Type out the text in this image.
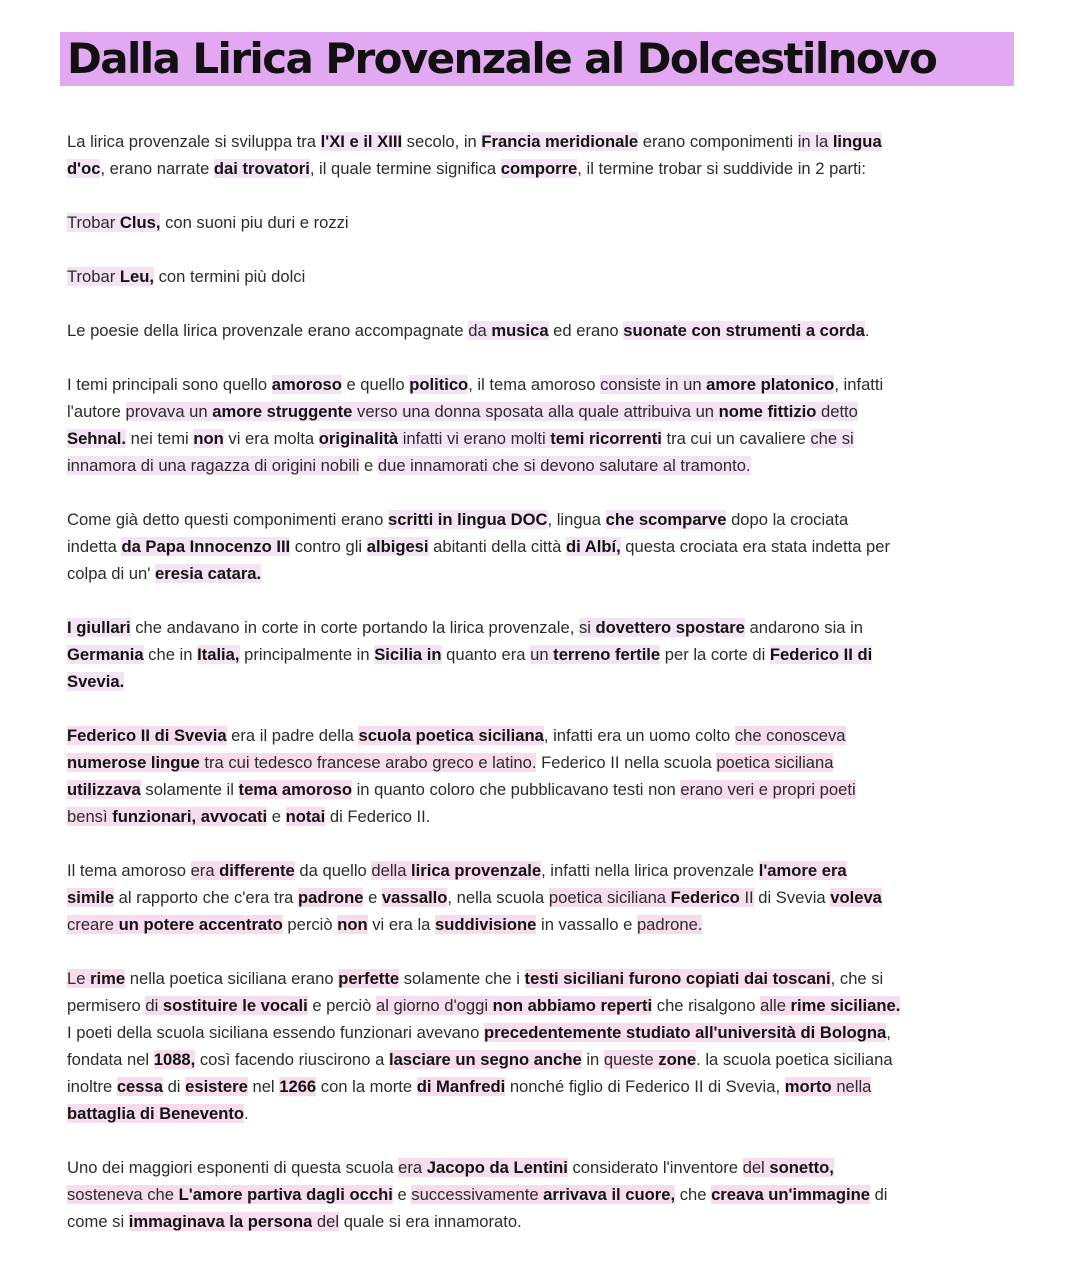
Dalla Lirica Provenzale al Dolcestilnovo

La lirica provenzale si sviluppa tra l'XI e il XIII secolo, in Francia meridionale erano componimenti in la lingua
d'oc, erano narrate dai trovatori, il quale termine significa comporre, il termine trobar si suddivide in 2 parti:

Trobar Clus, con suoni piu duri e rozzi

Trobar Leu, con termini più dolci

Le poesie della lirica provenzale erano accompagnate da musica ed erano suonate con strumenti a corda.

I temi principali sono quello amoroso e quello politico, il tema amoroso consiste in un amore platonico, infatti
l'autore provava un amore struggente verso una donna sposata alla quale attribuiva un nome fittizio detto
Sehnal. nei temi non vi era molta originalità infatti vi erano molti temi ricorrenti tra cui un cavaliere che si
innamora di una ragazza di origini nobili e due innamorati che si devono salutare al tramonto.

Come già detto questi componimenti erano scritti in lingua DOC, lingua che scomparve dopo la crociata
indetta da Papa Innocenzo III contro gli albigesi abitanti della città di Albí, questa crociata era stata indetta per
colpa di un' eresia catara.

I giullari che andavano in corte in corte portando la lirica provenzale, si dovettero spostare andarono sia in
Germania che in Italia, principalmente in Sicilia in quanto era un terreno fertile per la corte di Federico II di
Svevia.

Federico II di Svevia era il padre della scuola poetica siciliana, infatti era un uomo colto che conosceva
numerose lingue tra cui tedesco francese arabo greco e latino. Federico II nella scuola poetica siciliana
utilizzava solamente il tema amoroso in quanto coloro che pubblicavano testi non erano veri e propri poeti
bensì funzionari, avvocati e notai di Federico II.

Il tema amoroso era differente da quello della lirica provenzale, infatti nella lirica provenzale l'amore era
simile al rapporto che c'era tra padrone e vassallo, nella scuola poetica siciliana Federico II di Svevia voleva
creare un potere accentrato perciò non vi era la suddivisione in vassallo e padrone.

Le rime nella poetica siciliana erano perfette solamente che i testi siciliani furono copiati dai toscani, che si
permisero di sostituire le vocali e perciò al giorno d'oggi non abbiamo reperti che risalgono alle rime siciliane.
I poeti della scuola siciliana essendo funzionari avevano precedentemente studiato all'università di Bologna,
fondata nel 1088, così facendo riuscirono a lasciare un segno anche in queste zone. la scuola poetica siciliana
inoltre cessa di esistere nel 1266 con la morte di Manfredi nonché figlio di Federico II di Svevia, morto nella
battaglia di Benevento.

Uno dei maggiori esponenti di questa scuola era Jacopo da Lentini considerato l'inventore del sonetto,
sosteneva che L'amore partiva dagli occhi e successivamente arrivava il cuore, che creava un'immagine di
come si immaginava la persona del quale si era innamorato.
